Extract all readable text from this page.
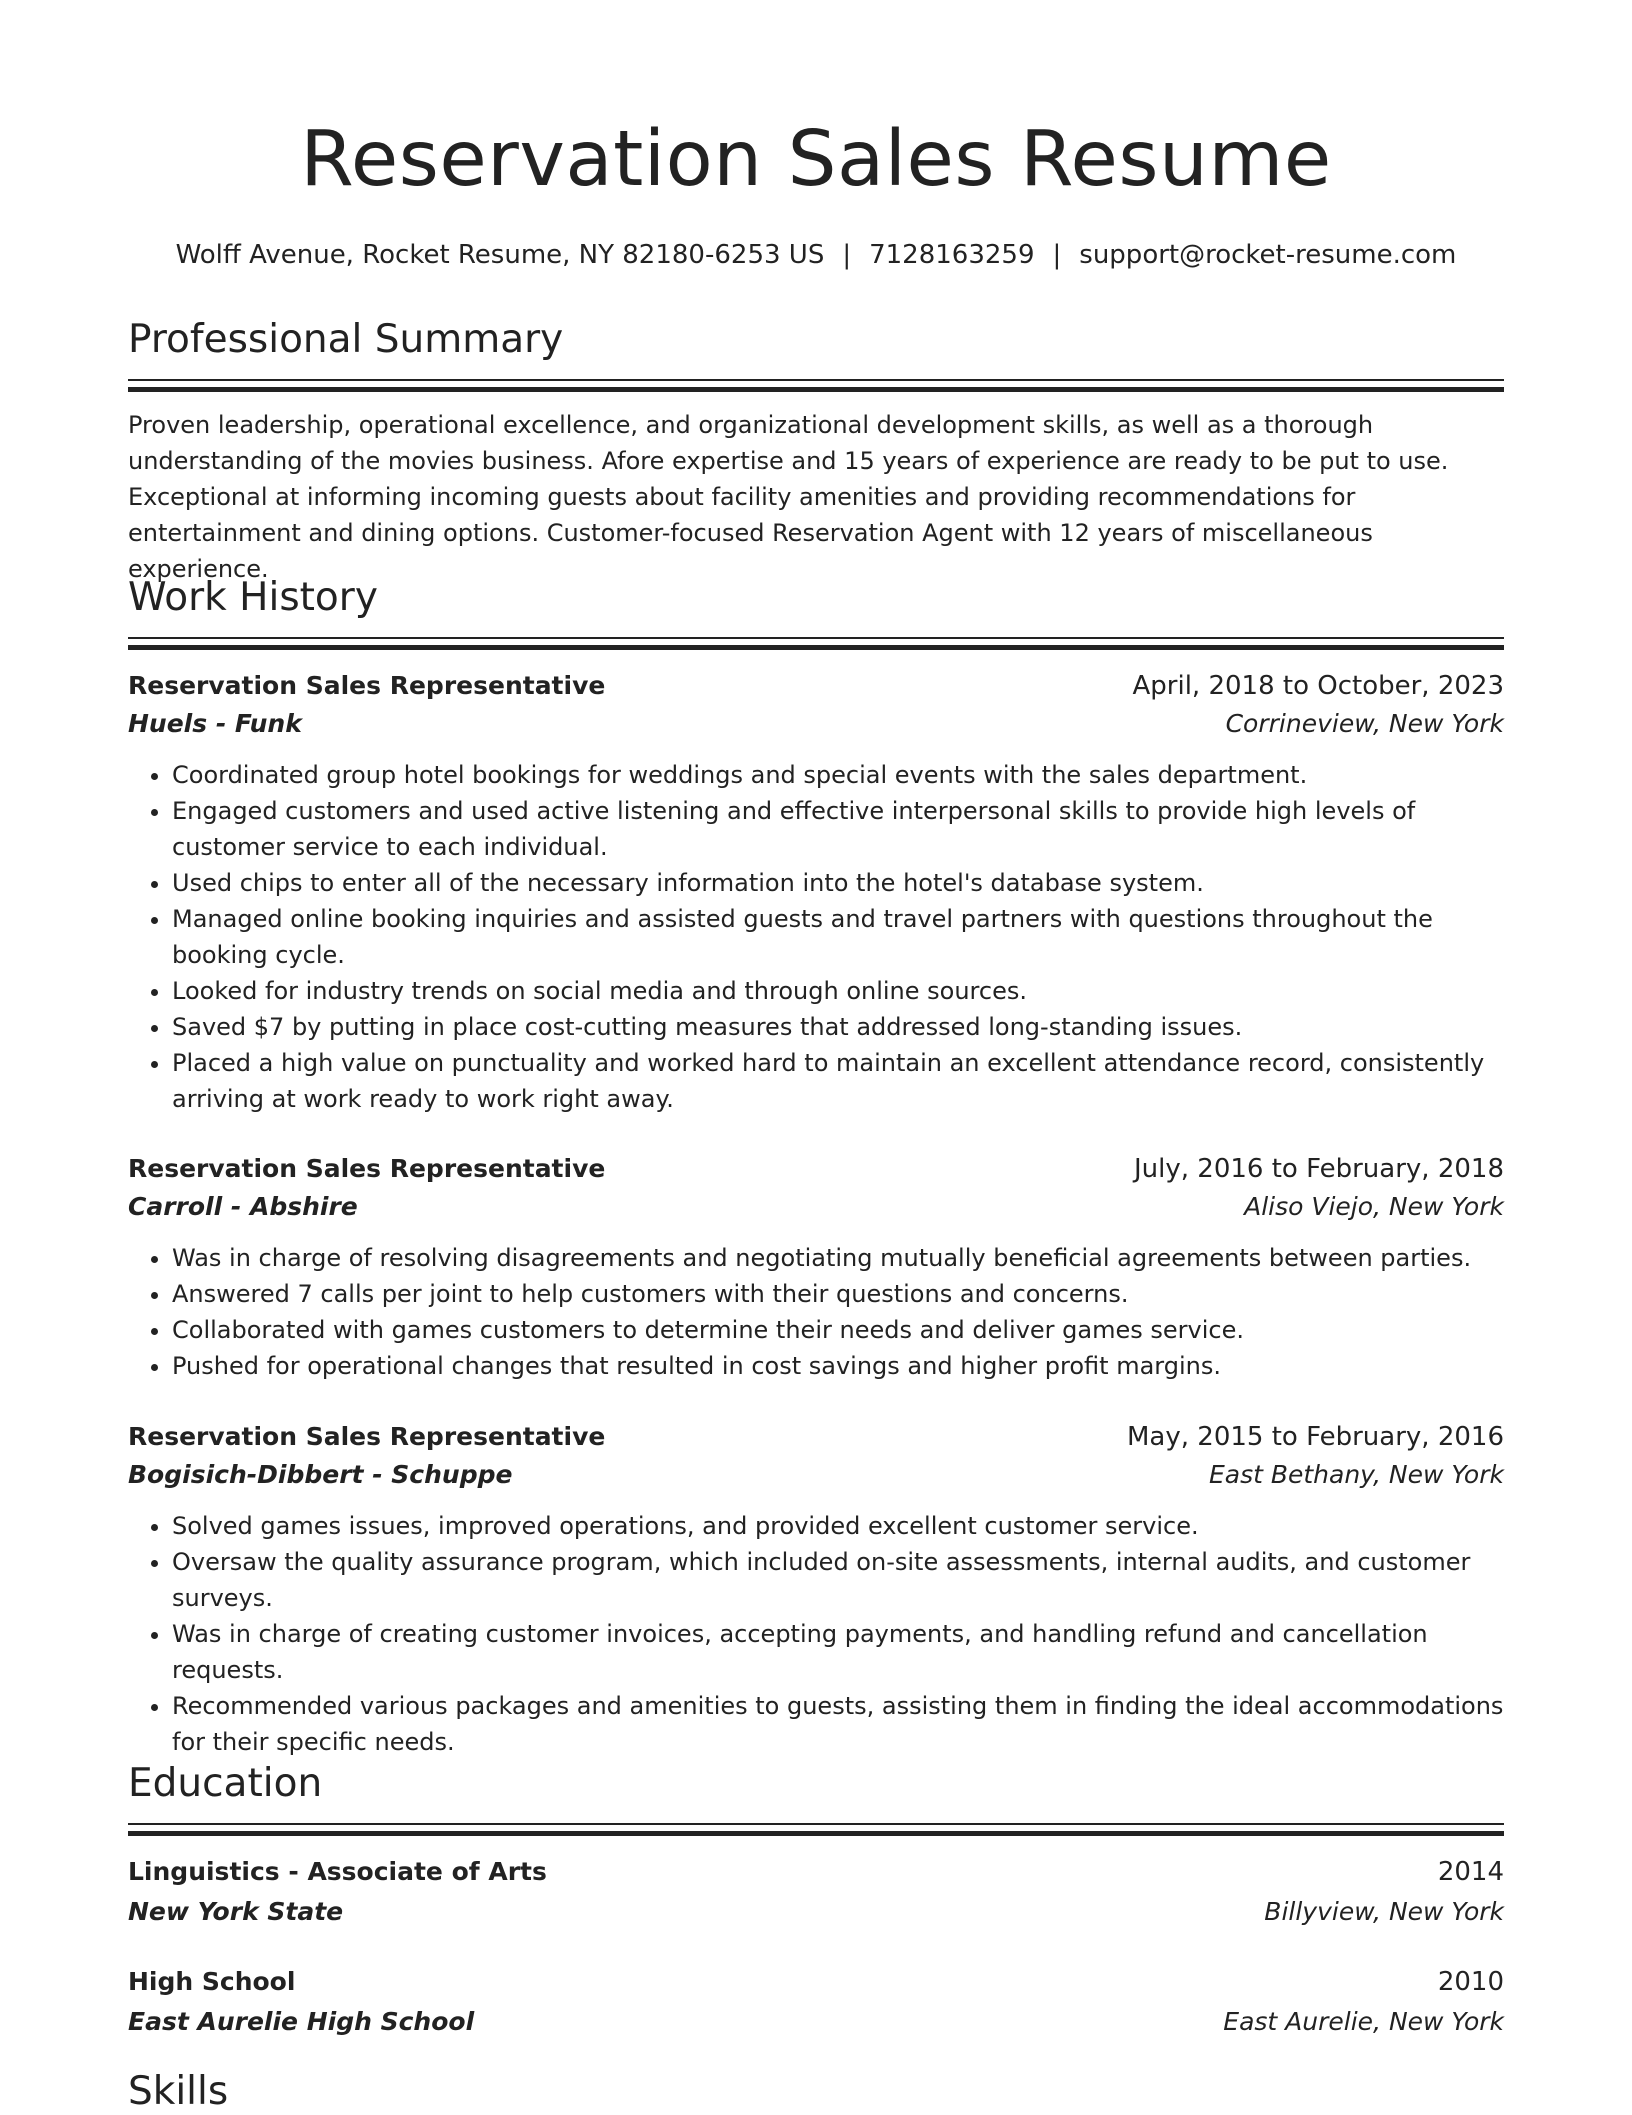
Reservation Sales Resume
Wolff Avenue, Rocket Resume, NY 82180-6253 US | 7128163259 | support@rocket-resume.com
Professional Summary
Proven leadership, operational excellence, and organizational development skills, as well as a thorough understanding of the movies business. Afore expertise and 15 years of experience are ready to be put to use. Exceptional at informing incoming guests about facility amenities and providing recommendations for entertainment and dining options. Customer-focused Reservation Agent with 12 years of miscellaneous experience.
Work History
Reservation Sales Representative	April, 2018 to October, 2023
Huels - Funk	Corrineview, New York
• Coordinated group hotel bookings for weddings and special events with the sales department.
• Engaged customers and used active listening and effective interpersonal skills to provide high levels of customer service to each individual.
• Used chips to enter all of the necessary information into the hotel's database system.
• Managed online booking inquiries and assisted guests and travel partners with questions throughout the booking cycle.
• Looked for industry trends on social media and through online sources.
• Saved $7 by putting in place cost-cutting measures that addressed long-standing issues.
• Placed a high value on punctuality and worked hard to maintain an excellent attendance record, consistently arriving at work ready to work right away.
Reservation Sales Representative	July, 2016 to February, 2018
Carroll - Abshire	Aliso Viejo, New York
• Was in charge of resolving disagreements and negotiating mutually beneficial agreements between parties.
• Answered 7 calls per joint to help customers with their questions and concerns.
• Collaborated with games customers to determine their needs and deliver games service.
• Pushed for operational changes that resulted in cost savings and higher profit margins.
Reservation Sales Representative	May, 2015 to February, 2016
Bogisich-Dibbert - Schuppe	East Bethany, New York
• Solved games issues, improved operations, and provided excellent customer service.
• Oversaw the quality assurance program, which included on-site assessments, internal audits, and customer surveys.
• Was in charge of creating customer invoices, accepting payments, and handling refund and cancellation requests.
• Recommended various packages and amenities to guests, assisting them in finding the ideal accommodations for their specific needs.
Education
Linguistics - Associate of Arts	2014
New York State	Billyview, New York
High School	2010
East Aurelie High School	East Aurelie, New York
Skills
